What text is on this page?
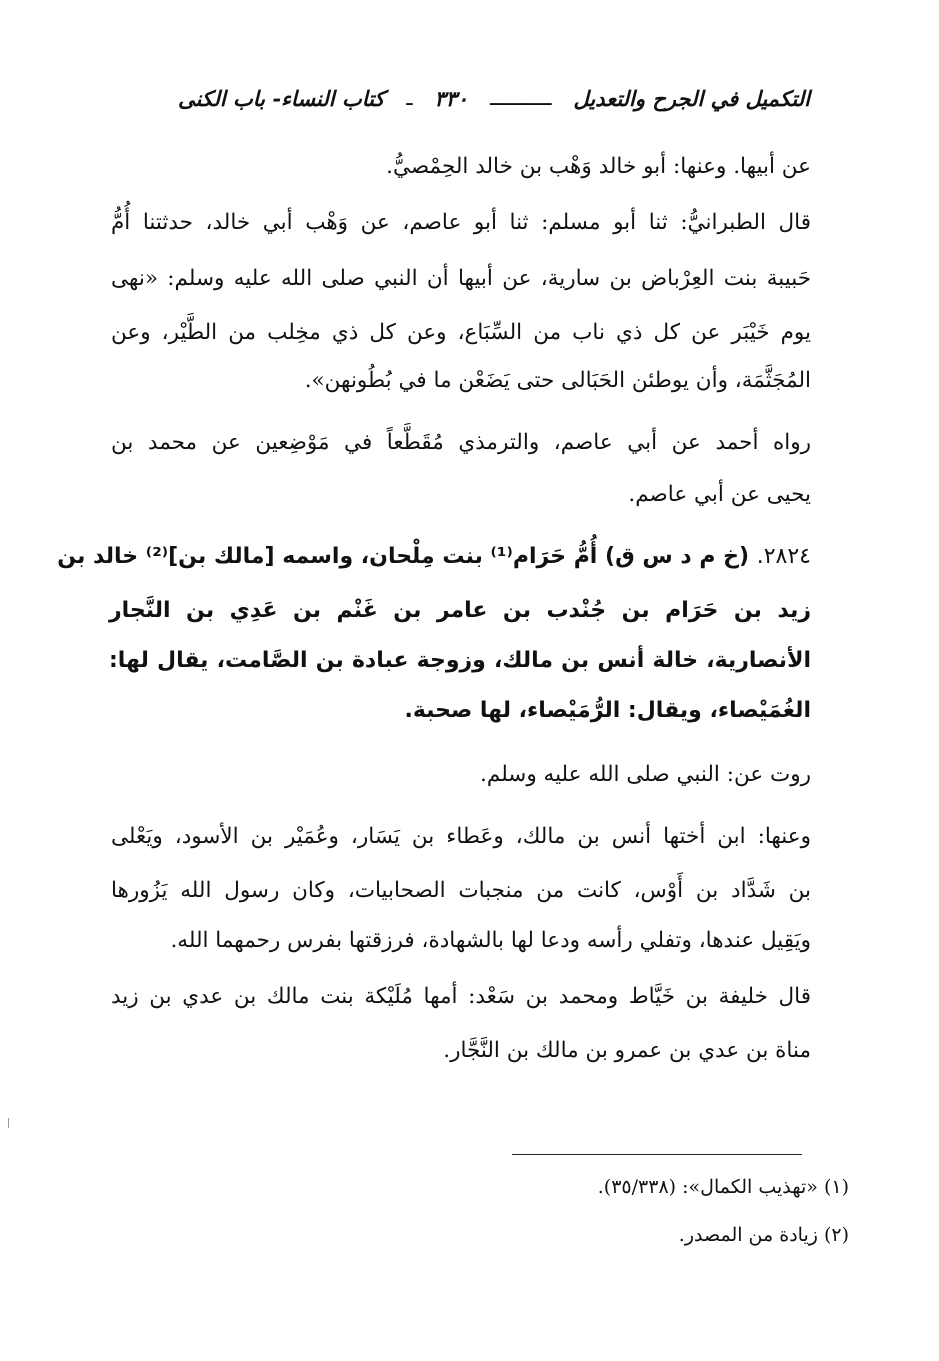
التكميل في الجرح والتعديل
ــــــــــ
٣٣٠
ـ
كتاب النساء- باب الكنى
عن أبيها. وعنها: أبو خالد وَهْب بن خالد الحِمْصيُّ.
قال الطبرانيُّ: ثنا أبو مسلم: ثنا أبو عاصم، عن وَهْب أبي خالد، حدثتنا أُمُّ
حَبيبة بنت العِرْباض بن سارية، عن أبيها أن النبي صلى الله عليه وسلم: «نهى
يوم خَيْبَر عن كل ذي ناب من السِّبَاع، وعن كل ذي مخِلب من الطَّيْر، وعن
المُجَثَّمَة، وأن يوطئن الحَبَالى حتى يَضَعْن ما في بُطُونهن».
رواه أحمد عن أبي عاصم، والترمذي مُقَطَّعاً في مَوْضِعين عن محمد بن
يحيى عن أبي عاصم.
٢٨٢٤. (خ م د س ق) أُمُّ حَرَام⁽¹⁾ بنت مِلْحان، واسمه [مالك بن]⁽²⁾ خالد بن
زيد بن حَرَام بن جُنْدب بن عامر بن غَنْم بن عَدِي بن النَّجار
الأنصارية، خالة أنس بن مالك، وزوجة عبادة بن الصَّامت، يقال لها:
الغُمَيْصاء، ويقال: الرُّمَيْصاء، لها صحبة.
روت عن: النبي صلى الله عليه وسلم.
وعنها: ابن أختها أنس بن مالك، وعَطاء بن يَسَار، وعُمَيْر بن الأسود، ويَعْلى
بن شَدَّاد بن أَوْس، كانت من منجبات الصحابيات، وكان رسول الله يَزُورها
ويَقِيل عندها، وتفلي رأسه ودعا لها بالشهادة، فرزقتها بفرس رحمهما الله.
قال خليفة بن خَيَّاط ومحمد بن سَعْد: أمها مُلَيْكة بنت مالك بن عدي بن زيد
مناة بن عدي بن عمرو بن مالك بن النَّجَّار.
(١) «تهذيب الكمال»: (٣٥/٣٣٨).
(٢) زيادة من المصدر.
